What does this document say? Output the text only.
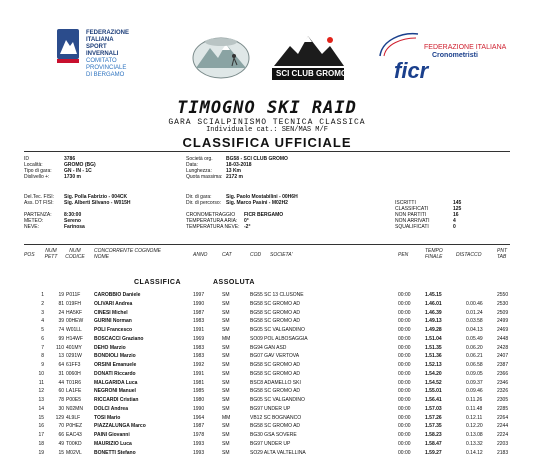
FEDERAZIONE
ITALIANA
SPORT
INVERNALI
COMITATO
PROVINCIALE
DI BERGAMO	SCI CLUB GROMO
FEDERAZIONE ITALIANA
ficr
Cronometristi
TIMOGNO SKI RAID
GARA SCIALPINISMO TECNICA CLASSICA
Individuale cat.: SEN/MAS M/F
CLASSIFICA UFFICIALE
ID	3786
Località:	GROMO (BG)
Tipo di gara: GN - IN - 1C
Dislivello +:	1730 m
Società org.	BG58 - SCI CLUB GROMO
Data:	18-03-2018
Lunghezza:	13 Km
Quota massima: 2172 m
Del.Tec. FISI: Sig. Polla Fabrizio - 004CK
Ass. DT FISI: Sig. Alberti Silvano - W015H
Dir. di gara:	Sig. Paolo Mostabilini - 00H6H
Dir. di percorso: Sig. Marco Pasini - M02H2	ISCRITTI	145
CLASSIFICATI	125
NON PARTITI	16
NON ARRIVATI	4
SQUALIFICATI	0
PARTENZA: 8:30:00
METEO:	Sereno
NEVE:	Farinosa
CRONOMETRAGGIO FICR BERGAMO
TEMPERATURA ARIA: 0°
TEMPERATURA NEVE: -2°
POS
NUM
PETT
NUM
CODICE
CONCORRENTE COGNOME
NOME	ANNO	CAT	COD SOCIETA'	PEN
TEMPO
FINALE	DISTACCO
PNT
TAB
CLASSIFICA	ASSOLUTA
1	19 P011F	CAROBBIO Daniele	1997	SM	BG55 SC 13 CLUSONE	00:00	1.45.15	2550
2	81 019FH	OLIVARI Andrea	1990	SM	BG58 SC GROMO AD	00:00	1.46.01	0.00.46	2530
3	24 HA5KF CINESI Michel	1987	SM	BG58 SC GROMO AD	00:00	1.46.39	0.01.24	2509
4	39 00HEW GURINI Norman	1983	SM	BG58 SC GROMO AD	00:00	1.49.13	0.03.58	2499
5	74 W01LL POLI Francesco	1991	SM	BG05 SC VALGANDINO	00:00	1.49.28	0.04.13	2469
6	99 H14WF BOSCACCI Graziano	1969	MM	SO09 POL ALBOSAGGIA	00:00	1.51.04	0.05.49	2448
7	110 401MY DEHO Marzio	1983	SM	BG94 GAN ASD	00:00	1.51.35	0.06.20	2428
8	13 0291W BONDIOLI Marzio	1983	SM	BG07 GAV VERTOVA	00:00	1.51.36	0.06.21	2407
9	64 61FF3	ORSINI Emanuele	1992	SM	BG58 SC GROMO AD	00:00	1.52.13	0.06.58	2387
10	31 0060H	DONATI Riccardo	1991	SM	BG58 SC GROMO AD	00:00	1.54.20	0.09.05	2366
11	44 T01R6	MALGARIDA Luca	1981	SM	BSC8 ADAMELLO SKI	00:00	1.54.52	0.09.37	2346
12	60 LA1FE	NEGRONI Manuel	1985	SM	BG58 SC GROMO AD	00:00	1.55.01	0.09.46	2326
13	78 P00E5	RICCARDI Cristian	1980	SM	BG05 SC VALGANDINO	00:00	1.56.41	0.11.26	2305
14	30 N02MN DOLCI Andrea	1990	SM	BG97 UNDER UP	00:00	1.57.03	0.11.48	2285
15	129 4L9LF	TOSI Mario	1964	MM	VB12 SC BOGNANCO	00:00	1.57.26	0.12.11	2264
16	70 P0HEZ PIAZZALUNGA Marco	1987	SM	BG58 SC GROMO AD	00:00	1.57.35	0.12.20	2244
17	66 EAC43 PAINI Giovanni	1978	SM	BG30 GSA SOVERE	00:00	1.58.23	0.13.08	2224
18	49 T00KD MAURIZIO Luca	1993	SM	BG97 UNDER UP	00:00	1.58.47	0.13.32	2203
19	15 M02VL BONETTI Stefano	1993	SM	SO29 ALTA VALTELLINA	00:00	1.59.27	0.14.12	2183
